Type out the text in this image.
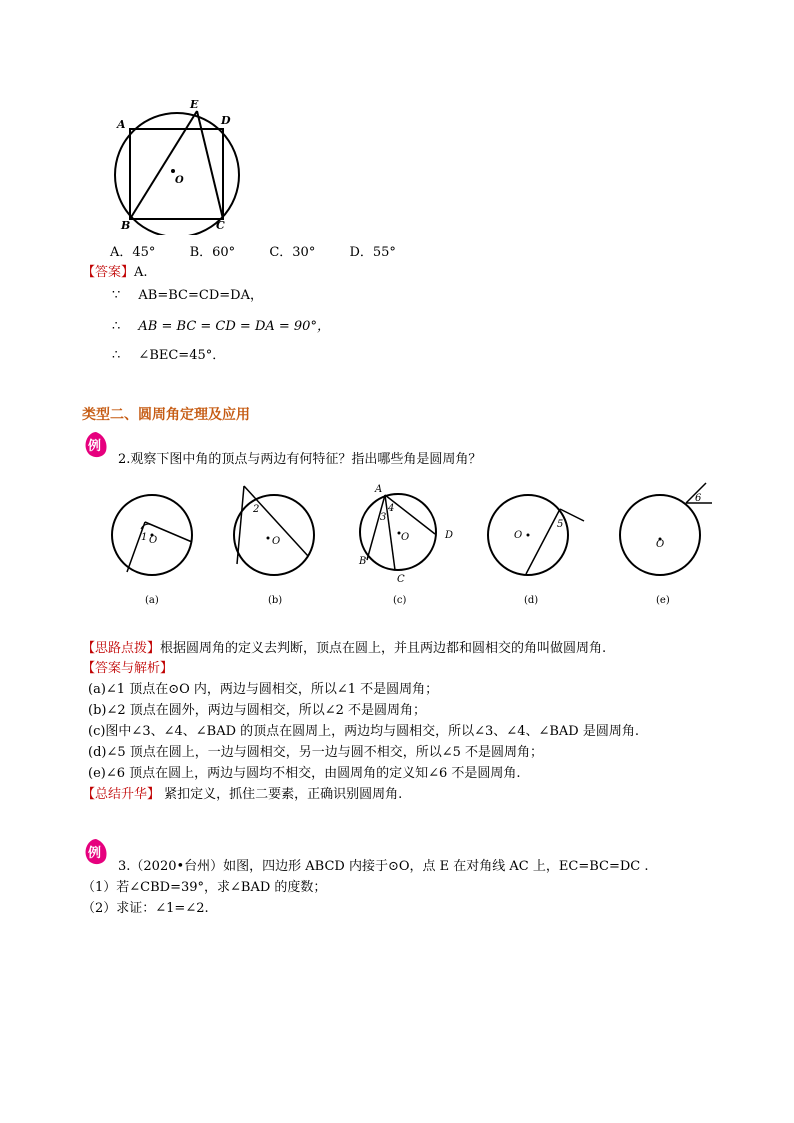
A
E
D
B	C
O
A．45°	B．60°	C．30°	D．55°
【答案】A.
∵ AB=BC=CD=DA，
∴ AB = BC = CD = DA = 90°，
∴ ∠BEC=45°．
类型二、圆周角定理及应用
例
2.观察下图中角的顶点与两边有何特征？指出哪些角是圆周角？
1 O
(a)
2
O
(b)
A
3
4
O	D
B
C
(c)
5
O
(d)
6
O
(e)
【思路点拨】根据圆周角的定义去判断，顶点在圆上，并且两边都和圆相交的角叫做圆周角.
【答案与解析】
(a)∠1 顶点在⊙O 内，两边与圆相交，所以∠1 不是圆周角；
(b)∠2 顶点在圆外，两边与圆相交，所以∠2 不是圆周角；
(c)图中∠3、∠4、∠BAD 的顶点在圆周上，两边均与圆相交，所以∠3、∠4、∠BAD 是圆周角.
(d)∠5 顶点在圆上，一边与圆相交，另一边与圆不相交，所以∠5 不是圆周角；
(e)∠6 顶点在圆上，两边与圆均不相交，由圆周角的定义知∠6 不是圆周角.
【总结升华】 紧扣定义，抓住二要素，正确识别圆周角.
例
3.（2020•台州）如图，四边形 ABCD 内接于⊙O，点 E 在对角线 AC 上，EC=BC=DC .
（1）若∠CBD=39°，求∠BAD 的度数；
（2）求证：∠1=∠2.
